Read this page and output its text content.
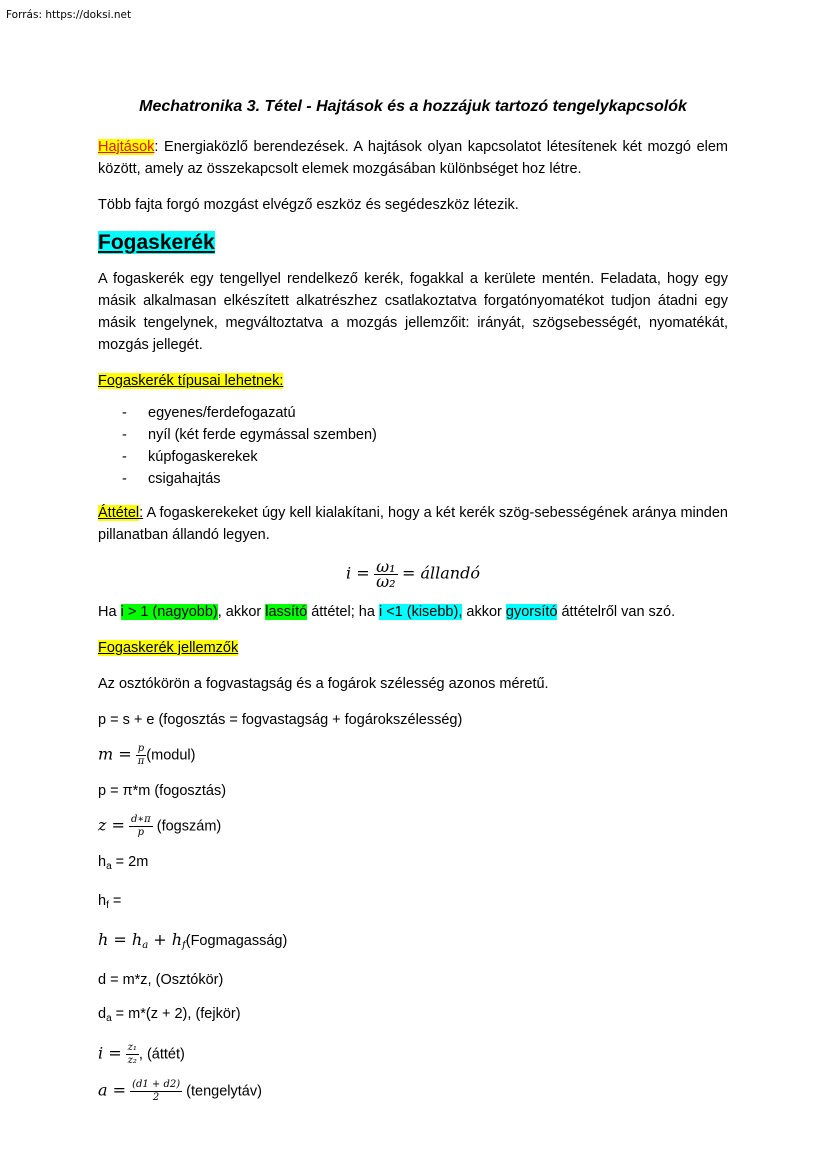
Forrás: https://doksi.net
Mechatronika 3. Tétel - Hajtások és a hozzájuk tartozó tengelykapcsolók

Hajtások: Energiaközlő berendezések. A hajtások olyan kapcsolatot létesítenek két mozgó elem között, amely az összekapcsolt elemek mozgásában különbséget hoz létre.

Több fajta forgó mozgást elvégző eszköz és segédeszköz létezik.

Fogaskerék

A fogaskerék egy tengellyel rendelkező kerék, fogakkal a kerülete mentén. Feladata, hogy egy másik alkalmasan elkészített alkatrészhez csatlakoztatva forgatónyomatékot tudjon átadni egy másik tengelynek, megváltoztatva a mozgás jellemzőit: irányát, szögsebességét, nyomatékát, mozgás jellegét.

Fogaskerék típusai lehetnek:

- egyenes/ferdefogazatú
- nyíl (két ferde egymással szemben)
- kúpfogaskerekek
- csigahajtás

Áttétel: A fogaskerekeket úgy kell kialakítani, hogy a két kerék szög-sebességének aránya minden pillanatban állandó legyen.

$i = \frac{\text{ω₁}}{\text{ω₂}}$ = állandó

Ha i > 1 (nagyobb), akkor lassító áttétel; ha i <1 (kisebb), akkor gyorsító áttételről van szó.

Fogaskerék jellemzők

Az osztókörön a fogvastagság és a fogárok szélesség azonos méretű.

p = s + e (fogosztás = fogvastagság + fogárokszélesség)
$m = \frac{p}{\pi}$ (modul)
p = π*m (fogosztás)
$z = \frac{d∗\pi}{p}$ (fogszám)
$h_a = 2m$
$h_f$ =
$h = h_a$ + $h_f(Fogmagasság)$
d = m*z, (Osztókör)
$d_a = m*(z + 2)$, (fejkör)
$i = \frac{\text{z₁}}{\text{z₂}}$ , (áttét)
$a = \frac{(d1 + d2)}{2}$ (tengelytáv)
